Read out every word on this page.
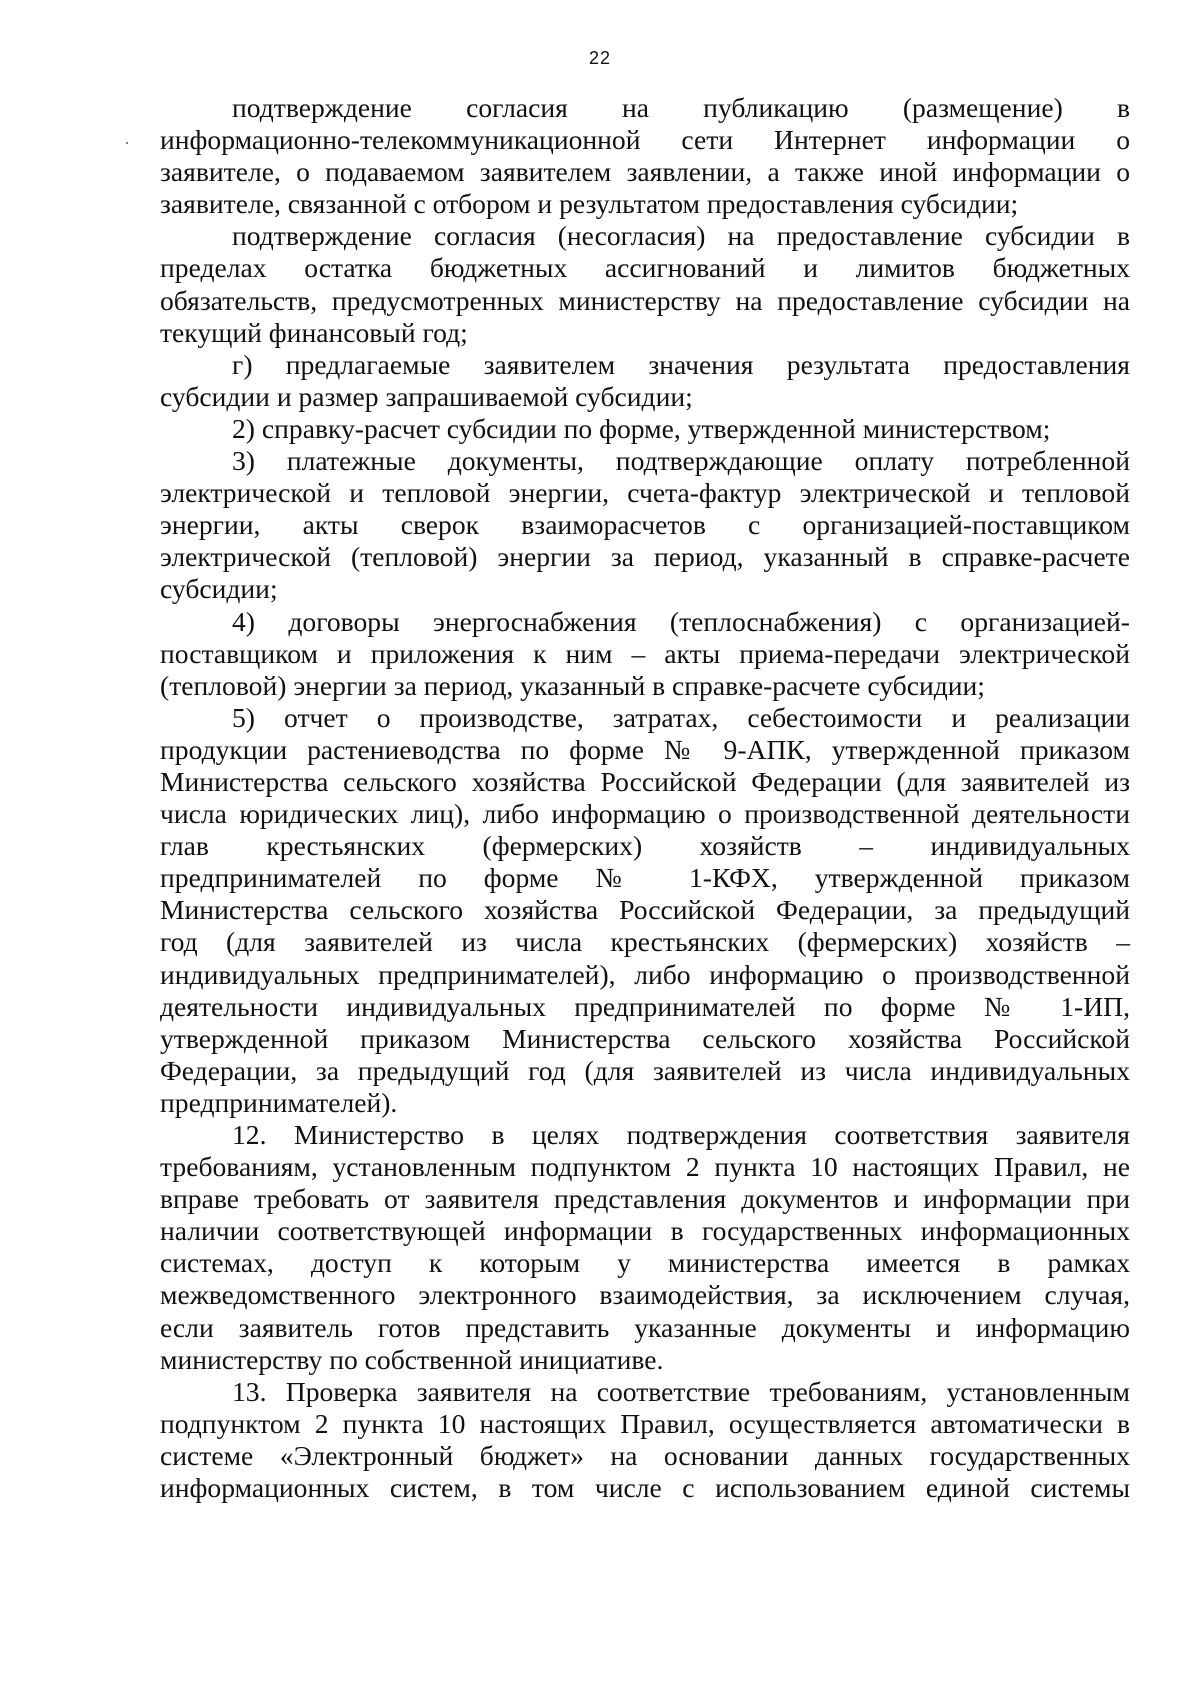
22
подтверждение согласия на публикацию (размещение) в
информационно-телекоммуникационной сети Интернет информации о
заявителе, о подаваемом заявителем заявлении, а также иной информации о
заявителе, связанной с отбором и результатом предоставления субсидии;
подтверждение согласия (несогласия) на предоставление субсидии в
пределах остатка бюджетных ассигнований и лимитов бюджетных
обязательств, предусмотренных министерству на предоставление субсидии на
текущий финансовый год;
г) предлагаемые заявителем значения результата предоставления
субсидии и размер запрашиваемой субсидии;
2) справку-расчет субсидии по форме, утвержденной министерством;
3) платежные документы, подтверждающие оплату потребленной
электрической и тепловой энергии, счета-фактур электрической и тепловой
энергии, акты сверок взаиморасчетов с организацией-поставщиком
электрической (тепловой) энергии за период, указанный в справке-расчете
субсидии;
4) договоры энергоснабжения (теплоснабжения) с организацией-
поставщиком и приложения к ним – акты приема-передачи электрической
(тепловой) энергии за период, указанный в справке-расчете субсидии;
5) отчет о производстве, затратах, себестоимости и реализации
продукции растениеводства по форме № 9-АПК, утвержденной приказом
Министерства сельского хозяйства Российской Федерации (для заявителей из
числа юридических лиц), либо информацию о производственной деятельности
глав крестьянских (фермерских) хозяйств – индивидуальных
предпринимателей по форме № 1-КФХ, утвержденной приказом
Министерства сельского хозяйства Российской Федерации, за предыдущий
год (для заявителей из числа крестьянских (фермерских) хозяйств –
индивидуальных предпринимателей), либо информацию о производственной
деятельности индивидуальных предпринимателей по форме № 1-ИП,
утвержденной приказом Министерства сельского хозяйства Российской
Федерации, за предыдущий год (для заявителей из числа индивидуальных
предпринимателей).
12. Министерство в целях подтверждения соответствия заявителя
требованиям, установленным подпунктом 2 пункта 10 настоящих Правил, не
вправе требовать от заявителя представления документов и информации при
наличии соответствующей информации в государственных информационных
системах, доступ к которым у министерства имеется в рамках
межведомственного электронного взаимодействия, за исключением случая,
если заявитель готов представить указанные документы и информацию
министерству по собственной инициативе.
13. Проверка заявителя на соответствие требованиям, установленным
подпунктом 2 пункта 10 настоящих Правил, осуществляется автоматически в
системе «Электронный бюджет» на основании данных государственных
информационных систем, в том числе с использованием единой системы
